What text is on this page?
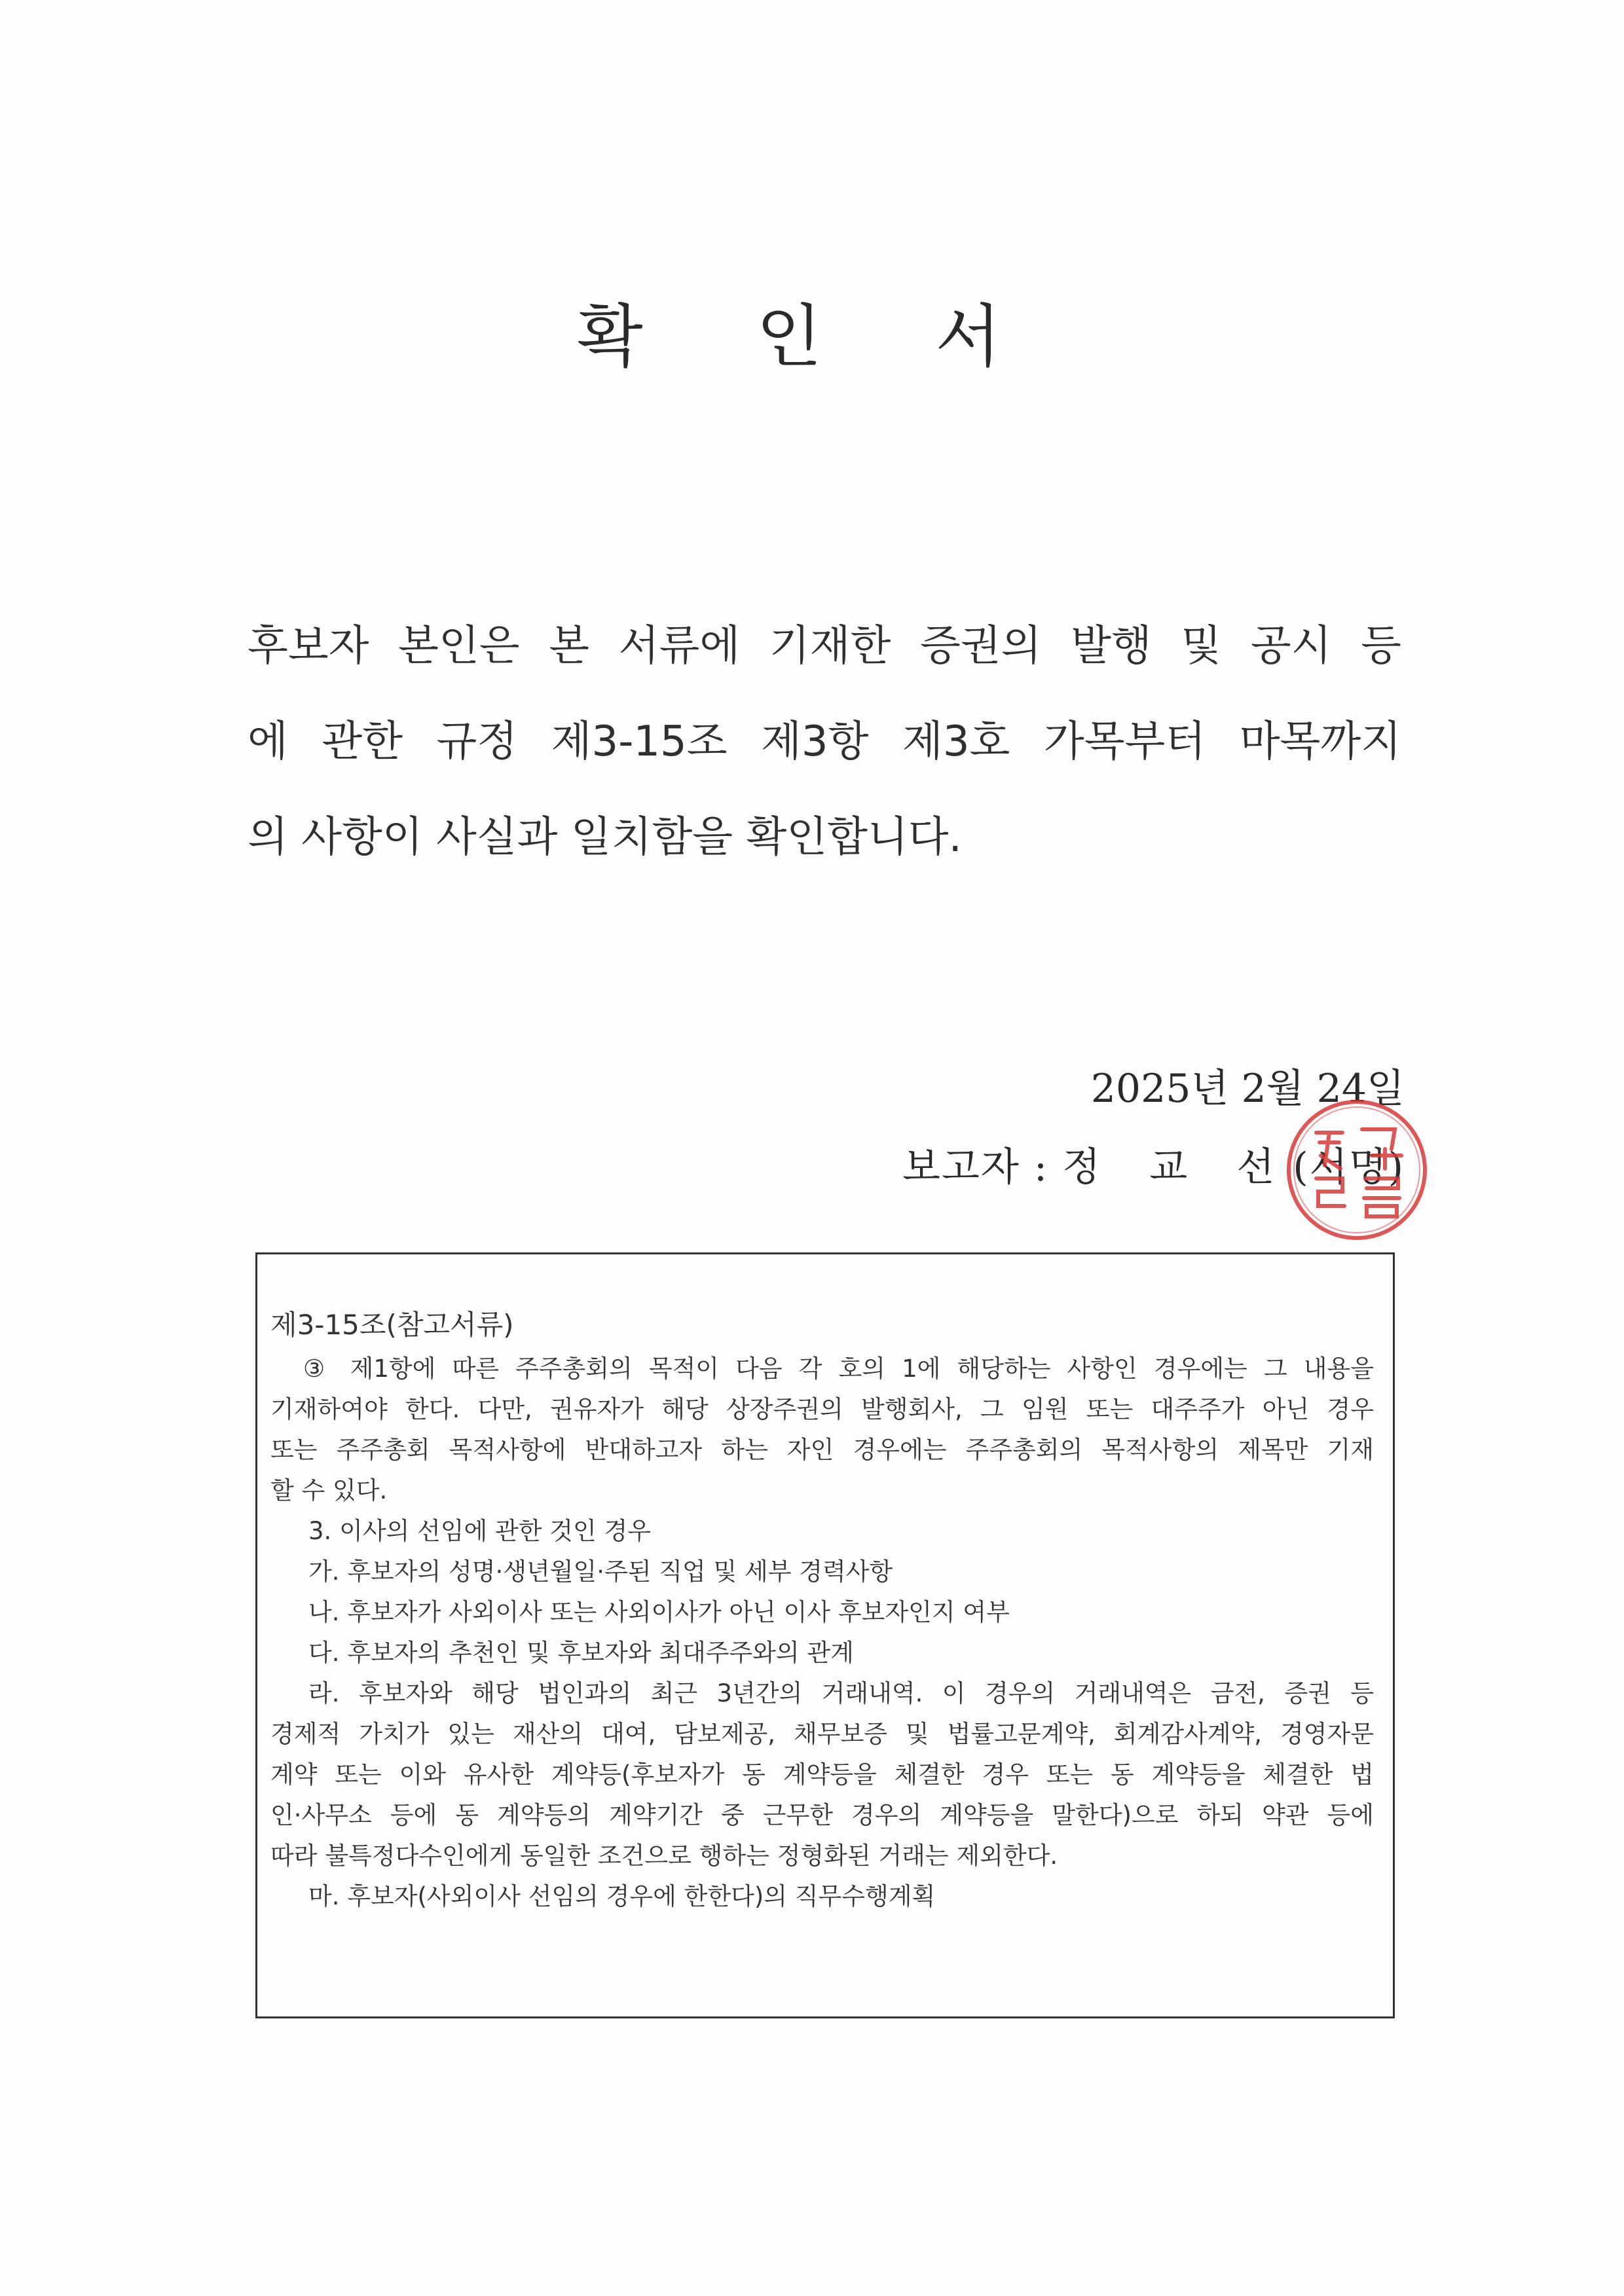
확 인 서
후보자 본인은 본 서류에 기재한 증권의 발행 및 공시 등
에 관한 규정 제3-15조 제3항 제3호 가목부터 마목까지
의 사항이 사실과 일치함을 확인합니다.
2025년 2월 24일
보고자 : 정 교 선(서명)
제3-15조(참고서류)
③ 제1항에 따른 주주총회의 목적이 다음 각 호의 1에 해당하는 사항인 경우에는 그 내용을
기재하여야 한다. 다만, 권유자가 해당 상장주권의 발행회사, 그 임원 또는 대주주가 아닌 경우
또는 주주총회 목적사항에 반대하고자 하는 자인 경우에는 주주총회의 목적사항의 제목만 기재
할 수 있다.
3. 이사의 선임에 관한 것인 경우
가. 후보자의 성명·생년월일·주된 직업 및 세부 경력사항
나. 후보자가 사외이사 또는 사외이사가 아닌 이사 후보자인지 여부
다. 후보자의 추천인 및 후보자와 최대주주와의 관계
라. 후보자와 해당 법인과의 최근 3년간의 거래내역. 이 경우의 거래내역은 금전, 증권 등
경제적 가치가 있는 재산의 대여, 담보제공, 채무보증 및 법률고문계약, 회계감사계약, 경영자문
계약 또는 이와 유사한 계약등(후보자가 동 계약등을 체결한 경우 또는 동 계약등을 체결한 법
인·사무소 등에 동 계약등의 계약기간 중 근무한 경우의 계약등을 말한다)으로 하되 약관 등에
따라 불특정다수인에게 동일한 조건으로 행하는 정형화된 거래는 제외한다.
마. 후보자(사외이사 선임의 경우에 한한다)의 직무수행계획
